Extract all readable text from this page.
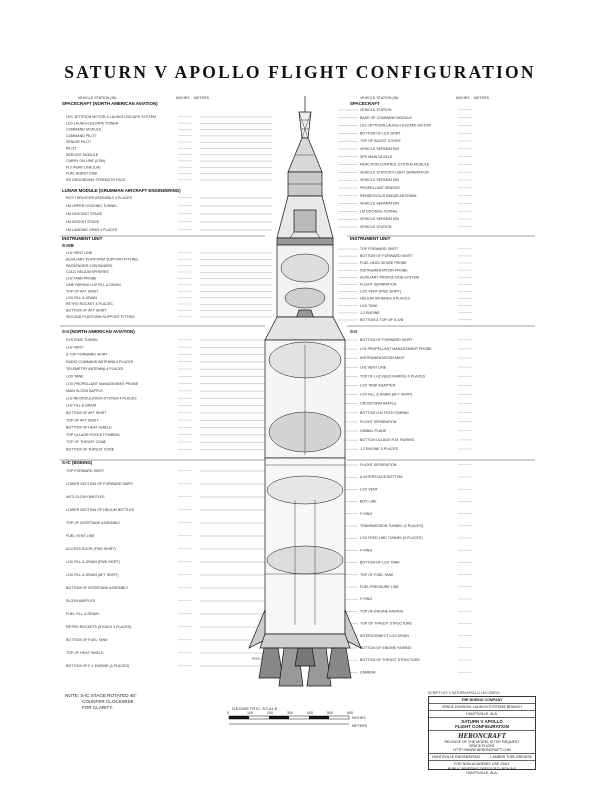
SATURN V APOLLO FLIGHT CONFIGURATION
POS II
VEHICLE STATION (IN)	INCHES METERS	VEHICLE STATION (IN)	INCHES METERS
SPACECRAFT (NORTH AMERICAN AVIATION)
LES JETTISON MOTOR & LAUNCH ESCAPE SYSTEM
LES LAUNCH ESCAPE TOWER
COMMAND MODULE
COMMAND PILOT
SENIOR PILOT
PILOT
SERVICE MODULE
CARRY ON LINE (CSM)
FLY AWAY LINE (LM)
FUEL BURST DISK
RS GROUNDING STRENGTH FACE
LUNAR MODULE (GRUMMAN AIRCRAFT ENGINEERING)
RCS THRUSTER ASSEMBLY 4 PLACES
LM UPPER DOCKING TUNNEL
LM DESCENT STAGE
LM ASCENT STAGE
LM LANDING GEAR 4 PLACES
INSTRUMENT UNIT
S-IVB
LH2 VENT LINE
AUXILIARY PLATFORM SUPPORT FITTING
PASSENGER CONTAINERS
COLD HELIUM SPHERES
LH2 TANK PROBE
LINE FAIRING LH2 FILL & DRAIN
TOP OF AFT SKIRT
LOX FILL & DRAIN
RETRO ROCKET 4 PLACES
BOTTOM OF AFT SKIRT
SECOND PLATFORM SUPPORT FITTING
S-II (NORTH AMERICAN AVIATION)
SYSTEMS TUNNEL
LH2 VENT
& TOP FORWARD SKIRT
RADIO COMMAND ANTENNA 4 PLACES
TELEMETRY ANTENNA 4 PLACES
LOX TANK
LOX PROPELLANT MANAGEMENT PROBE
MAIN SLOSH BAFFLE
LH2 RECIRCULATION SYSTEM 4 PLACES
LH2 FILL & DRAIN
BOTTOM OF AFT SKIRT
TOP OF AFT SKIRT
BOTTOM OF HEAT SHIELD
TOP ULLAGE ROCKET FAIRING
TOP OF THRUST CONE
BOTTOM OF THRUST CONE
S-IC (BOEING)
TOP FORWARD SKIRT
LOWER SECTION OF FORWARD SKIRT
ANTI-SLOSH BAFFLES
LOWER SECTION OF HELIUM BOTTLES
TOP OF INTERTANK ASSEMBLY
FUEL VENT LINE
ACCESS DOOR (FWD SKIRT)
LOX FILL & DRAIN (FWD SKIRT)
LOX FILL & DRAIN (AFT SKIRT)
BOTTOM OF INTERTANK ASSEMBLY
SLOSH BAFFLES
FUEL FILL & DRAIN
RETRO ROCKETS (8 EACH 4 PLACES)
BOTTOM OF FUEL TANK
TOP OF HEAT SHIELD
BOTTOM OF F-1 ENGINE (4 PLACES)
SPACECRAFT
VEHICLE STATION
BASE OF COMMAND MODULE
LES JETTISON LAUNCH ESCAPE MOTOR
BOTTOM OF LES SKIRT
TOP OF BOOST COVER
VEHICLE SEPARATION
SPS MAIN NOZZLE
REACTION CONTROL SYSTEM MODULE
VEHICLE STATION FLIGHT SEPARATION
VEHICLE SEPARATION
PROPELLANT SENSOR
RENDEZVOUS RADAR ANTENNA
VEHICLE SEPARATION
LM DOCKING TUNNEL
VEHICLE SEPARATION
VEHICLE STATION
INSTRUMENT UNIT
TOP FORWARD SKIRT
BOTTOM OF FORWARD SKIRT
FUEL HEAD SENSE PROBE
INSTRUMENTATION PROBE
AUXILIARY PROPULSION SYSTEM
FLIGHT SEPARATION
LOX VENT (FWD SKIRT)
HELIUM SPHERES 8 PLACES
LOX TANK
J-2 ENGINE
BOTTOM & TOP OF S-IVB
S-II
BOTTOM OF FORWARD SKIRT
LH2 PROPELLANT MANAGEMENT PROBE
INSTRUMENTATION MAST
LH2 VENT LINE
TOP OF LH2 FEED FAIRING 2 PLACES
LOX TANK ADAPTER
LOX FILL & DRAIN (AFT SKIRT)
CRUCIFORM BAFFLE
BOTTOM LH2 FEED FAIRING
FLIGHT SEPARATION
GIMBAL PLANE
BOTTOM ULLAGE R.M. FAIRING
J-2 ENGINE 5 PLACES
FLIGHT SEPARATION
& INTERSTAGE BOTTOM
LOX VENT
BOX LINE
F RING
TRANSMISSION TUNNEL (2 PLACES)
LOX FEED LINE TUNNEL (5 PLACES)
F RING
BOTTOM OF LOX TANK
TOP OF FUEL TANK
FUEL PRESSURE LINE
F RING
TOP OF ENGINE FAIRING
TOP OF THRUST STRUCTURE
INTERCONNECT LOX DRAIN
BOTTOM OF ENGINE FAIRING
BOTTOM OF THRUST STRUCTURE
CAMERA
0	100	200	300	400	500	600
INCHES
METERS
GEOMETRIC SCALE
NOTE: S-IC STAGE ROTATED 45°
COUNTER CLOCKWISE
FOR CLARITY.
SCRIPT LEV V SATURN APOLLO LM CONFIG
THE BOEING COMPANY
SPACE DIVISION, LAUNCH SYSTEMS BRANCH
HUNTSVILLE, ALA.
SATURN V APOLLO
FLIGHT CONFIGURATION
HERONCRAFT
RELEASE OF THE MODEL KIT BY REQUEST
SPACE FLIGHT
HTTP://WWW.HERONCRAFT.COM
HUNTSVILLE ENGINEERING J. AMBER TURL BREWSE
FOR NON-ACADEMIC USE ONLY
PUBLIC BRIEFING OFFICE P.O. BOX 840
HUNTSVILLE, ALA.
